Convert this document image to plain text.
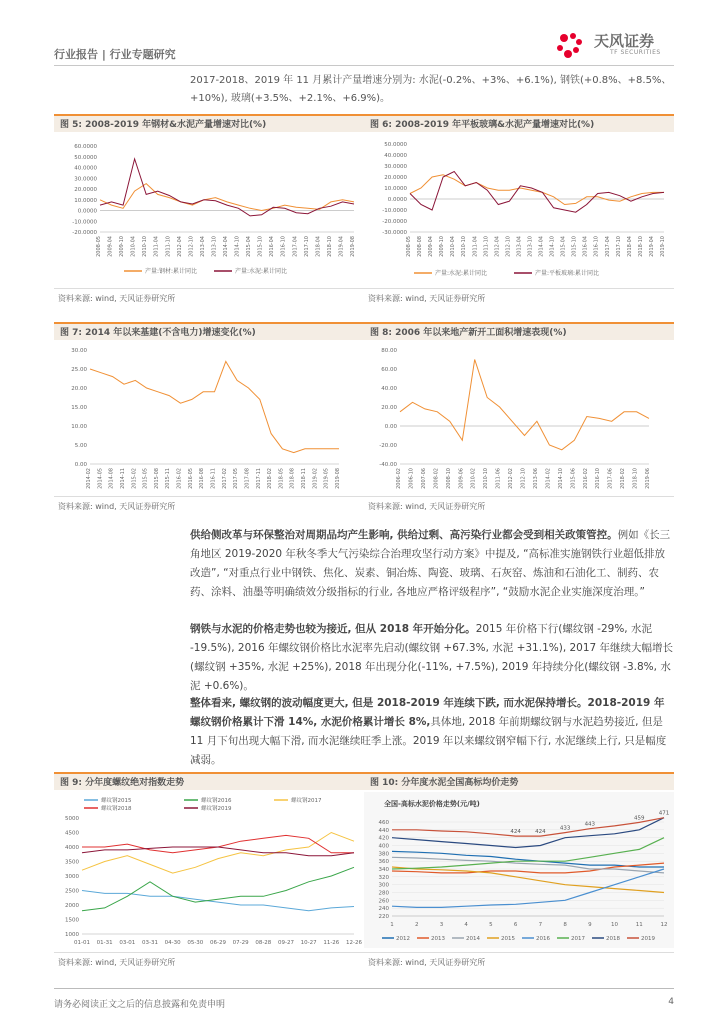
行业报告 | 行业专题研究
天风证券
TF SECURITIES
2017-2018、2019 年 11 月累计产量增速分别为: 水泥(-0.2%、+3%、+6.1%), 钢铁(+0.8%、+8.5%、+10%), 玻璃(+3.5%、+2.1%、+6.9%)。
图 5: 2008-2019 年钢材&水泥产量增速对比(%)
60.0000
50.0000
40.0000
30.0000
20.0000
10.0000
0.0000
-10.0000
-20.0000
2008-05 2009-04 2009-10 2010-04 2010-10 2011-04 2011-10 2012-04 2012-10 2013-04 2013-10 2014-04 2014-10 2015-04 2015-10 2016-04 2016-10 2017-04 2017-10 2018-04 2018-10 2019-04 2019-08
产量:钢材:累计同比	产量:水泥:累计同比
资料来源: wind, 天风证券研究所
图 6: 2008-2019 年平板玻璃&水泥产量增速对比(%)
50.0000
40.0000
30.0000
20.0000
10.0000
0.0000
-10.0000
-20.0000
-30.0000
2008-05 2008-08 2009-04 2009-10 2010-04 2010-10 2011-04 2011-10 2012-04 2012-10 2013-04 2013-10 2014-04 2014-10 2015-04 2015-10 2016-04 2016-10 2017-04 2017-10 2018-04 2018-10 2019-04 2019-10
产量:水泥:累计同比	产量:平板玻璃:累计同比
资料来源: wind, 天风证券研究所
图 7: 2014 年以来基建(不含电力)增速变化(%)
30.00
25.00
20.00
15.00
10.00
5.00
0.00
2014-02 2014-05 2014-08 2014-11 2015-02 2015-05 2015-08 2015-11 2016-02 2016-05 2016-08 2016-11 2017-02 2017-05 2017-08 2017-11 2018-02 2018-05 2018-08 2018-11 2019-02 2019-05 2019-08
资料来源: wind, 天风证券研究所
图 8: 2006 年以来地产新开工面积增速表现(%)
80.00
60.00
40.00
20.00
0.00
-20.00
-40.00
2006-02 2006-10 2007-06 2008-02 2008-10 2009-06 2010-02 2010-10 2011-06 2012-02 2012-10 2013-06 2014-02 2014-10 2015-06 2016-02 2016-10 2017-06 2018-02 2018-10 2019-06
资料来源: wind, 天风证券研究所
供给侧改革与环保整治对周期品均产生影响, 供给过剩、高污染行业都会受到相关政策管控。例如《长三角地区 2019-2020 年秋冬季大气污染综合治理攻坚行动方案》中提及, “高标准实施钢铁行业超低排放改造”, “对重点行业中钢铁、焦化、炭素、铜冶炼、陶瓷、玻璃、石灰窑、炼油和石油化工、制药、农药、涂料、油墨等明确绩效分级指标的行业, 各地应严格评级程序”, “鼓励水泥企业实施深度治理。”
钢铁与水泥的价格走势也较为接近, 但从 2018 年开始分化。2015 年价格下行(螺纹钢 -29%, 水泥 -19.5%), 2016 年螺纹钢价格比水泥率先启动(螺纹钢 +67.3%, 水泥 +31.1%), 2017 年继续大幅增长(螺纹钢 +35%, 水泥 +25%), 2018 年出现分化(-11%, +7.5%), 2019 年持续分化(螺纹钢 -3.8%, 水泥 +0.6%)。
整体看来, 螺纹钢的波动幅度更大, 但是 2018-2019 年连续下跌, 而水泥保持增长。2018-2019 年螺纹钢价格累计下滑 14%, 水泥价格累计增长 8%,具体地, 2018 年前期螺纹钢与水泥趋势接近, 但是 11 月下旬出现大幅下滑, 而水泥继续旺季上涨。2019 年以来螺纹钢窄幅下行, 水泥继续上行, 只是幅度减弱。
图 9: 分年度螺纹绝对指数走势
5000
4500
4000
3500
3000
2500
2000
1500
1000
01-01 01-31 03-01 03-31 04-30 05-30 06-29 07-29 08-28 09-27 10-27 11-26 12-26
螺纹钢2015	螺纹钢2016	螺纹钢2017
螺纹钢2018	螺纹钢2019
资料来源: wind, 天风证券研究所
图 10: 分年度水泥全国高标均价走势
全国-高标水泥价格走势(元/吨)
460
440
420
400
380
360
340
320
300
280
260
240
220
1	2	3	4	5	6	7	8	9	10	11	12
424	424
433
443
459
471
2012	2013	2014	2015	2016	2017	2018	2019
资料来源: wind, 天风证券研究所
请务必阅读正文之后的信息披露和免责申明	4
